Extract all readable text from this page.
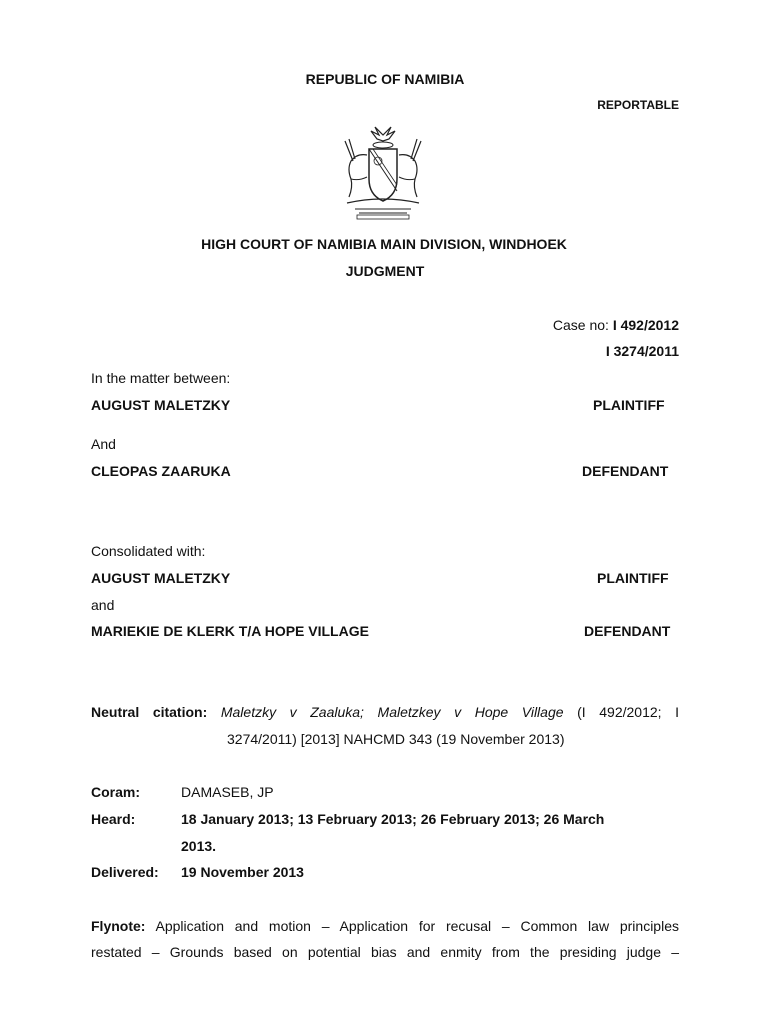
REPUBLIC OF NAMIBIA
REPORTABLE
HIGH COURT OF NAMIBIA MAIN DIVISION, WINDHOEK
JUDGMENT
Case no: I 492/2012
I 3274/2011
In the matter between:
AUGUST MALETZKY	PLAINTIFF
And
CLEOPAS ZAARUKA	DEFENDANT
Consolidated with:
AUGUST MALETZKY	PLAINTIFF
and
MARIEKIE DE KLERK T/A HOPE VILLAGE	DEFENDANT
Neutral citation: Maletzky v Zaaluka; Maletzkey v Hope Village (I 492/2012; I
3274/2011) [2013] NAHCMD 343 (19 November 2013)
Coram:	DAMASEB, JP
Heard:	18 January 2013; 13 February 2013; 26 February 2013; 26 March
2013.
Delivered: 19 November 2013
Flynote: Application and motion – Application for recusal – Common law principles
restated – Grounds based on potential bias and enmity from the presiding judge –
